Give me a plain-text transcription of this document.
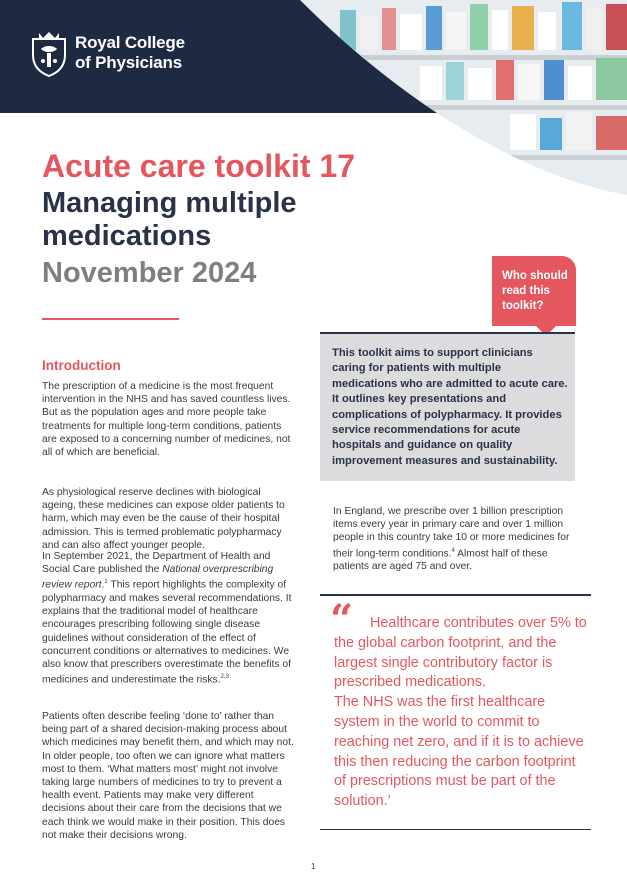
Royal College
of Physicians
Acute care toolkit 17
Managing multiple medications
November 2024	Who should read this toolkit?
This toolkit aims to support clinicians caring for patients with multiple medications who are admitted to acute care. It outlines key presentations and complications of polypharmacy. It provides service recommendations for acute hospitals and guidance on quality improvement measures and sustainability.
Introduction

The prescription of a medicine is the most frequent intervention in the NHS and has saved countless lives. But as the population ages and more people take treatments for multiple long-term conditions, patients are exposed to a concerning number of medicines, not all of which are beneficial.

As physiological reserve declines with biological ageing, these medicines can expose older patients to harm, which may even be the cause of their hospital admission. This is termed problematic polypharmacy and can also affect younger people.

In September 2021, the Department of Health and Social Care published the National overprescribing review report.$^1$ This report highlights the complexity of polypharmacy and makes several recommendations. It explains that the traditional model of healthcare encourages prescribing following single disease guidelines without consideration of the effect of concurrent conditions or alternatives to medicines. We also know that prescribers overestimate the benefits of medicines and underestimate the risks.$^{2,3}$

Patients often describe feeling ‘done to’ rather than being part of a shared decision-making process about which medicines may benefit them, and which may not. In older people, too often we can ignore what matters most to them. ‘What matters most’ might not involve taking large numbers of medicines to try to prevent a health event. Patients may make very different decisions about their care from the decisions that we each think we would make in their position. This does not make their decisions wrong.

In England, we prescribe over 1 billion prescription items every year in primary care and over 1 million people in this country take 10 or more medicines for their long-term conditions.$^4$ Almost half of these patients are aged 75 and over.

“	Healthcare contributes over 5% to the global carbon footprint, and the largest single contributory factor is prescribed medications.

The NHS was the first healthcare system in the world to commit to reaching net zero, and if it is to achieve this then reducing the carbon footprint of prescriptions must be part of the solution.’

1
